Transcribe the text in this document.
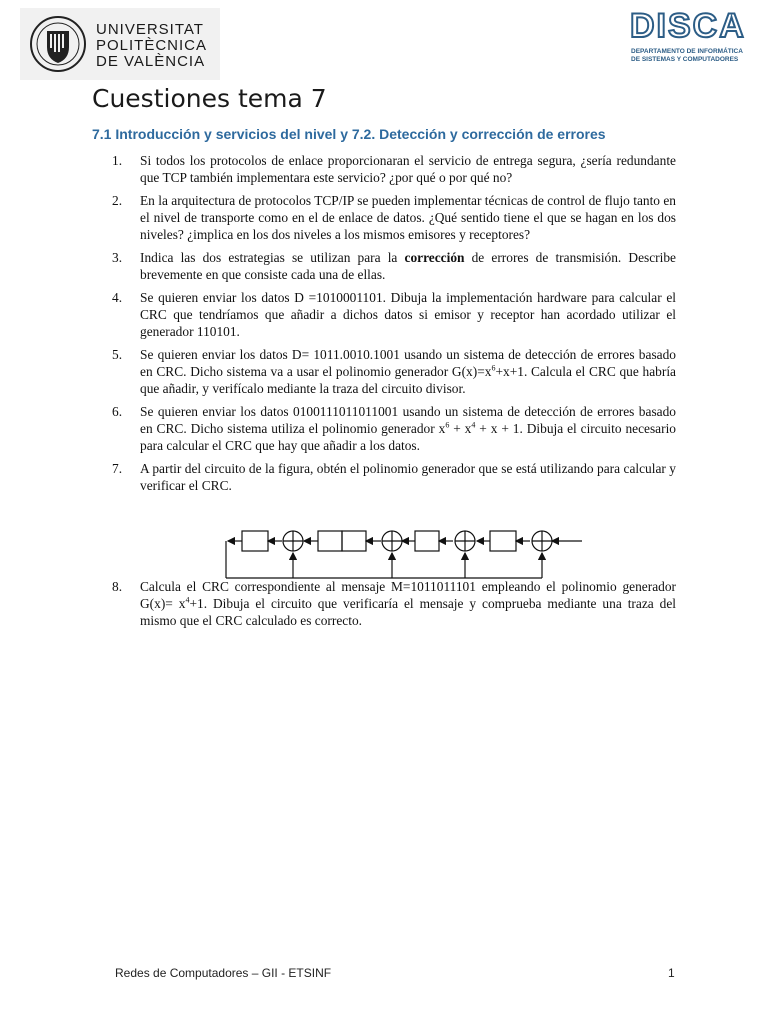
UNIVERSITAT
POLITÈCNICA
DE VALÈNCIA
DISCA
DEPARTAMENTO DE INFORMÁTICA
DE SISTEMAS Y COMPUTADORES
Cuestiones tema 7
7.1 Introducción y servicios del nivel y 7.2. Detección y corrección de errores
1. Si todos los protocolos de enlace proporcionaran el servicio de entrega segura, ¿sería redundante que TCP también implementara este servicio? ¿por qué o por qué no?
2. En la arquitectura de protocolos TCP/IP se pueden implementar técnicas de control de flujo tanto en el nivel de transporte como en el de enlace de datos. ¿Qué sentido tiene el que se hagan en los dos niveles? ¿implica en los dos niveles a los mismos emisores y receptores?
3. Indica las dos estrategias se utilizan para la corrección de errores de transmisión. Describe brevemente en que consiste cada una de ellas.
4. Se quieren enviar los datos D =1010001101. Dibuja la implementación hardware para calcular el CRC que tendríamos que añadir a dichos datos si emisor y receptor han acordado utilizar el generador 110101.
5. Se quieren enviar los datos D= 1011.0010.1001 usando un sistema de detección de errores basado en CRC. Dicho sistema va a usar el polinomio generador $G(x)=x^6+x+1$. Calcula el CRC que habría que añadir, y verifícalo mediante la traza del circuito divisor.
6. Se quieren enviar los datos 0100111011011001 usando un sistema de detección de errores basado en CRC. Dicho sistema utiliza el polinomio generador $x^6 + x^4 + x + 1$. Dibuja el circuito necesario para calcular el CRC que hay que añadir a los datos.
7. A partir del circuito de la figura, obtén el polinomio generador que se está utilizando para calcular y verificar el CRC.
8. Calcula el CRC correspondiente al mensaje M=1011011101 empleando el polinomio generador $G(x)= x^4+1$. Dibuja el circuito que verificaría el mensaje y comprueba mediante una traza del mismo que el CRC calculado es correcto.
Redes de Computadores – GII - ETSINF	1
